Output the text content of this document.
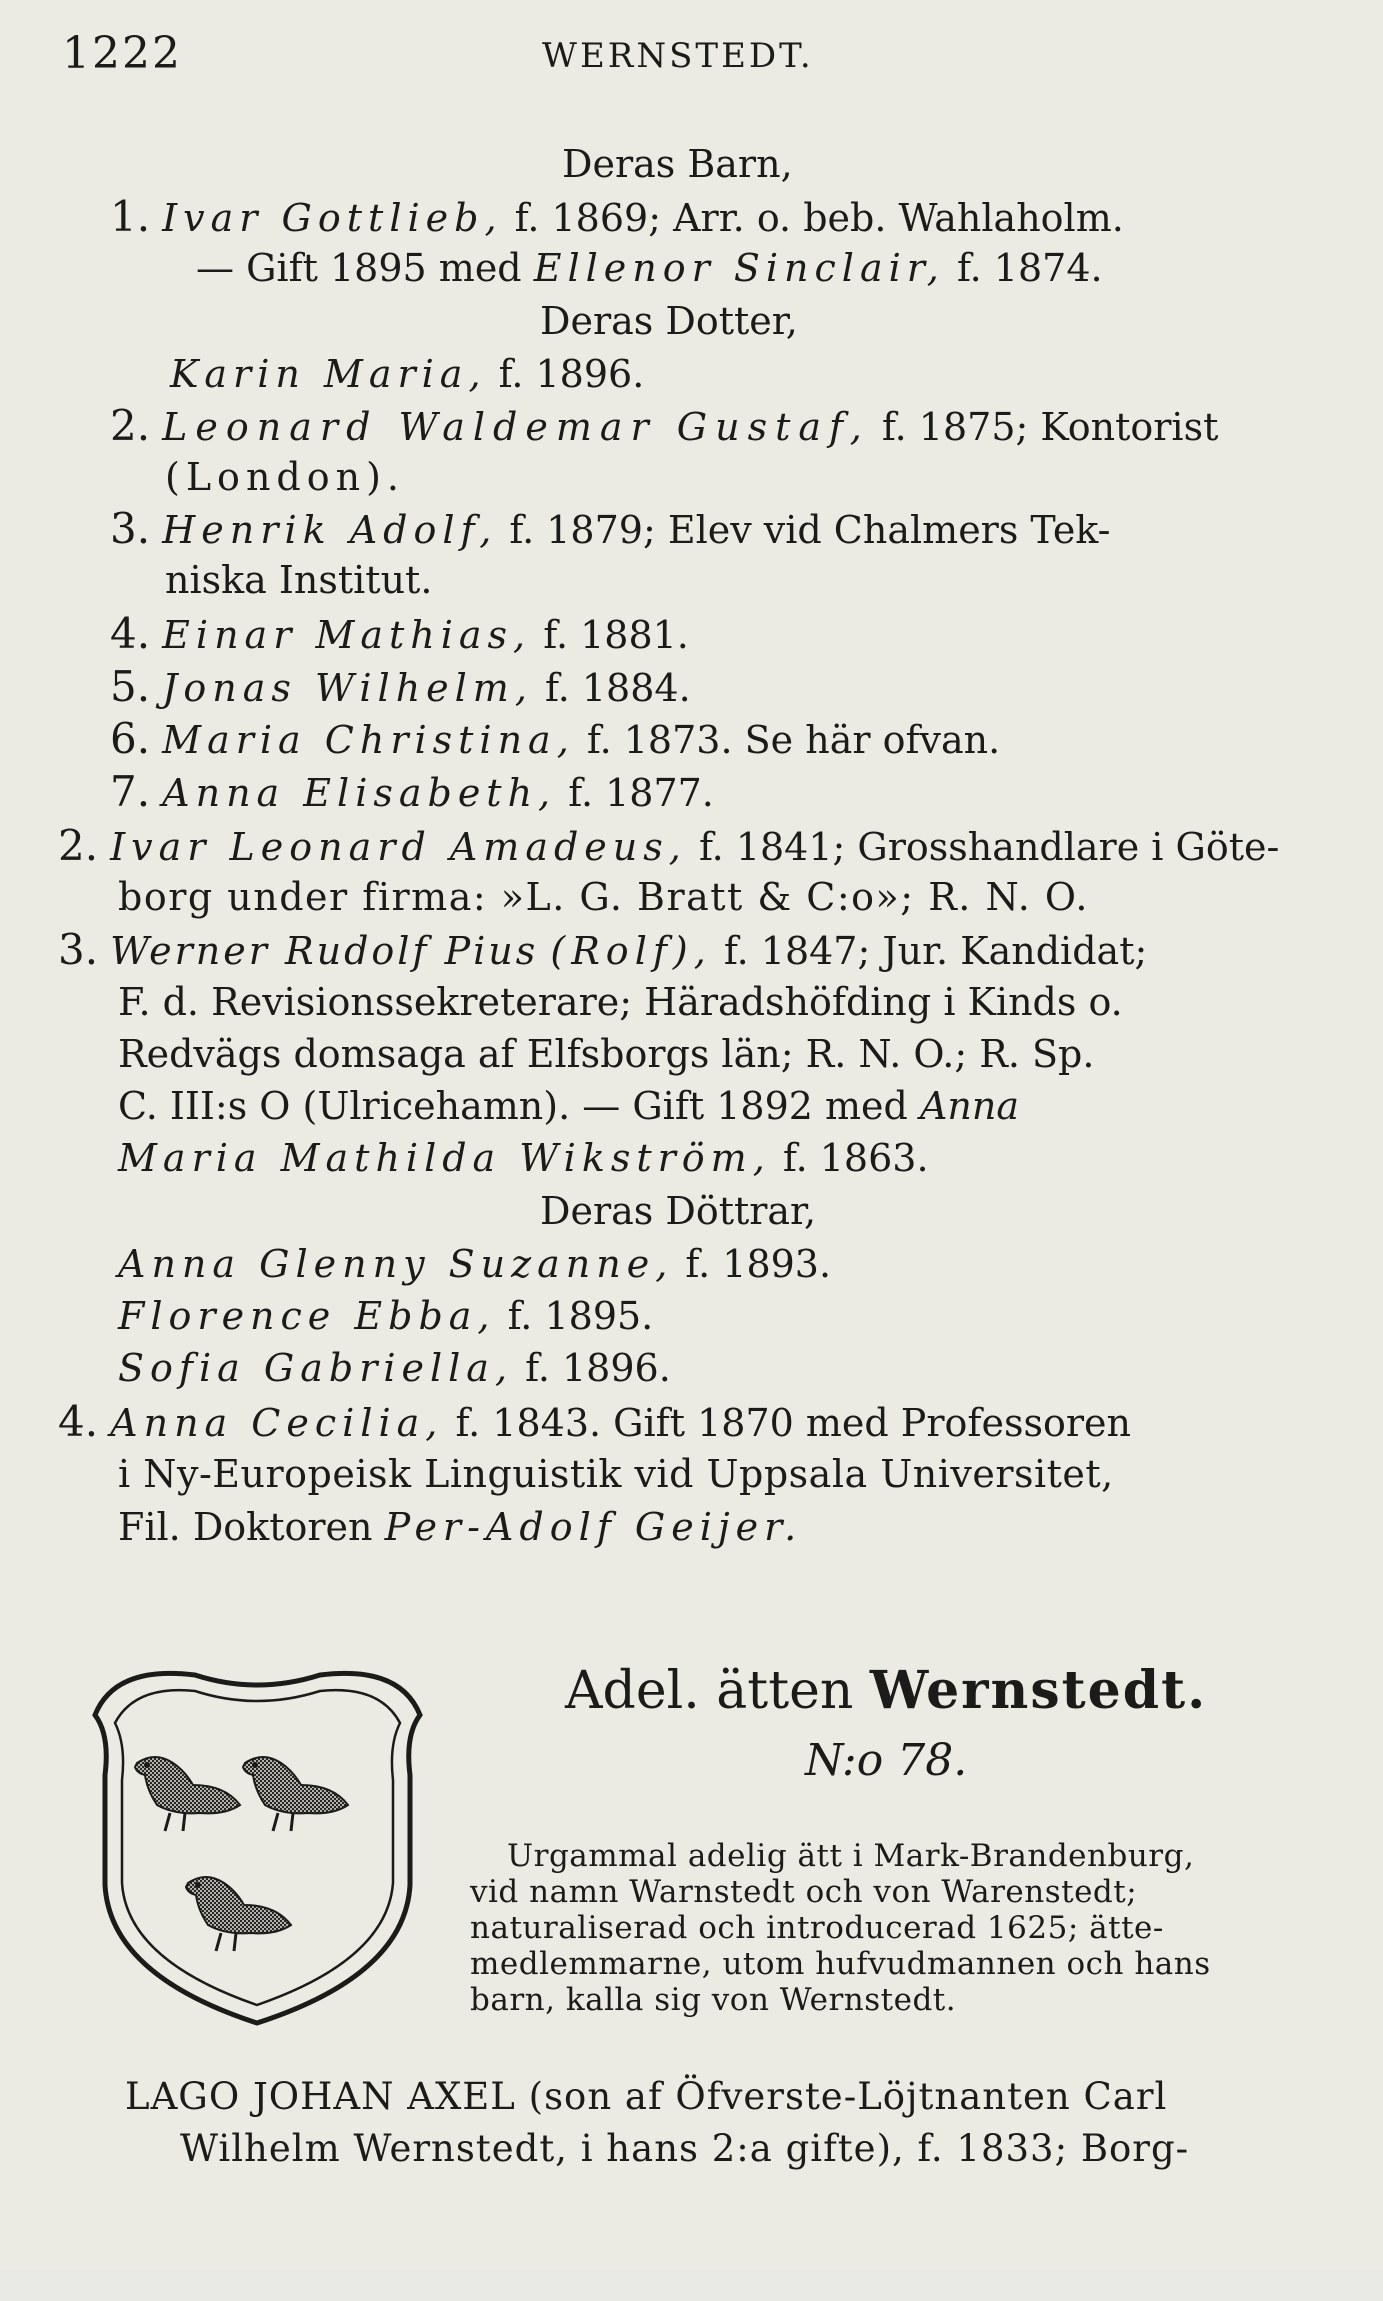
1222	WERNSTEDT.
Deras Barn,
1. Ivar Gottlieb, f. 1869; Arr. o. beb. Wahlaholm.
— Gift 1895 med Ellenor Sinclair, f. 1874.
Deras Dotter,
Karin Maria, f. 1896.
2. Leonard Waldemar Gustaf, f. 1875; Kontorist
(London).
3. Henrik Adolf, f. 1879; Elev vid Chalmers Tek-
niska Institut.
4. Einar Mathias, f. 1881.
5. Jonas Wilhelm, f. 1884.
6. Maria Christina, f. 1873. Se här ofvan.
7. Anna Elisabeth, f. 1877.
2. Ivar Leonard Amadeus, f. 1841; Grosshandlare i Göte-
borg under firma: »L. G. Bratt & C:o»; R. N. O.
3. Werner Rudolf Pius (Rolf), f. 1847; Jur. Kandidat;
F. d. Revisionssekreterare; Häradshöfding i Kinds o.
Redvägs domsaga af Elfsborgs län; R. N. O.; R. Sp.
C. III:s O (Ulricehamn). — Gift 1892 med Anna
Maria Mathilda Wikström, f. 1863.
Deras Döttrar,
Anna Glenny Suzanne, f. 1893.
Florence Ebba, f. 1895.
Sofia Gabriella, f. 1896.
4. Anna Cecilia, f. 1843. Gift 1870 med Professoren
i Ny-Europeisk Linguistik vid Uppsala Universitet,
Fil. Doktoren Per-Adolf Geijer.
Adel. ätten Wernstedt.
N:o 78.
Urgammal adelig ätt i Mark-Brandenburg,
vid namn Warnstedt och von Warenstedt;
naturaliserad och introducerad 1625; ätte-
medlemmarne, utom hufvudmannen och hans
barn, kalla sig von Wernstedt.
LAGO JOHAN AXEL (son af Öfverste-Löjtnanten Carl
Wilhelm Wernstedt, i hans 2:a gifte), f. 1833; Borg-
